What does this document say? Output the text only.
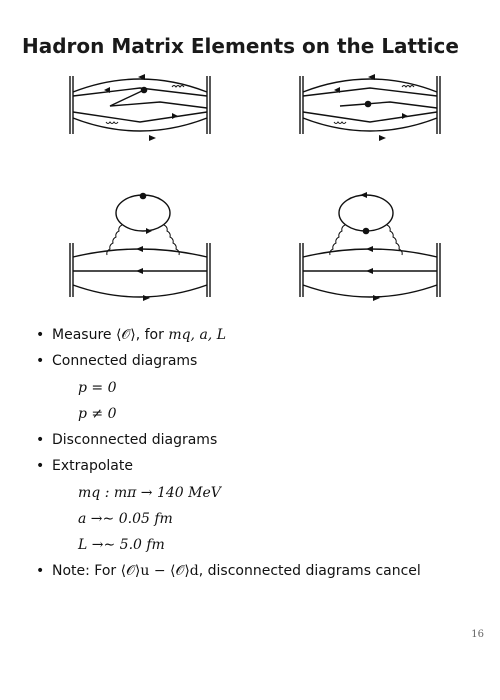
Hadron Matrix Elements on the Lattice
• Measure ⟨𝒪⟩, for mq, a, L
• Connected diagrams
p = 0
p ≠ 0
• Disconnected diagrams
• Extrapolate
mq : mπ → 140 MeV
a →∼ 0.05 fm
L →∼ 5.0 fm
• Note: For ⟨𝒪⟩u − ⟨𝒪⟩d, disconnected diagrams cancel
16
